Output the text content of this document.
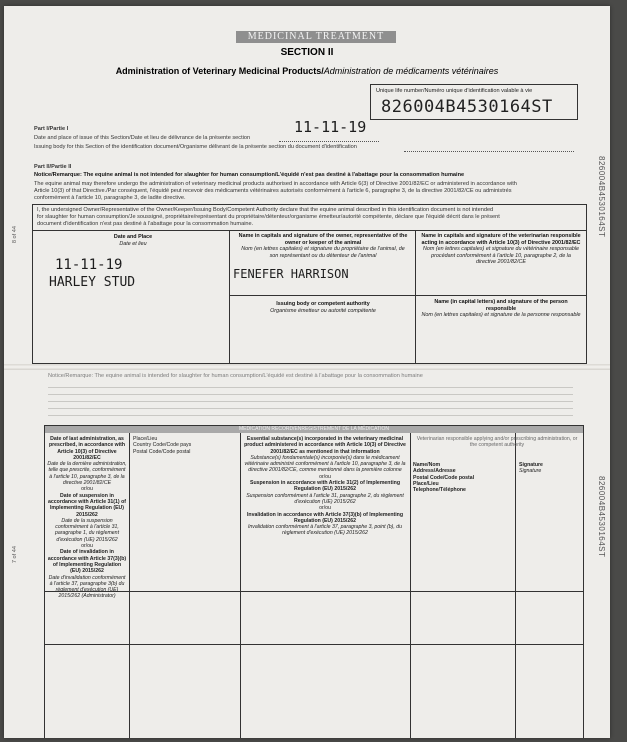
MEDICINAL TREATMENT
SECTION II
Administration of Veterinary Medicinal Products/Administration de médicaments vétérinaires
Unique life number/Numéro unique d'identification valable à vie
826004B4530164ST
826004B4530164ST
826004B4530164ST
8 of 44
7 of 44
Part I/Partie I
Date and place of issue of this Section/Date et lieu de délivrance de la présente section
11-11-19
Issuing body for this Section of the identification document/Organisme délivrant de la présente section du document d'identification
Part II/Partie II
Notice/Remarque: The equine animal is not intended for slaughter for human consumption/L'équidé n'est pas destiné à l'abattage pour la consommation humaine
The equine animal may therefore undergo the administration of veterinary medicinal products authorised in accordance with Article 6(3) of Directive 2001/82/EC or administered in accordance with
Article 10(3) of that Directive./Par conséquent, l'équidé peut recevoir des médicaments vétérinaires autorisés conformément à l'article 6, paragraphe 3, de la directive 2001/82/CE ou administrés
conformément à l'article 10, paragraphe 3, de ladite directive.
I, the undersigned Owner/Representative of the Owner/Keeper/Issuing Body/Competent Authority declare that the equine animal described in this identification document is not intended
for slaughter for human consumption/Je soussigné, propriétaire/représentant du propriétaire/détenteur/organisme émetteur/autorité compétente, déclare que l'équidé décrit dans le présent
document d'identification n'est pas destiné à l'abattage pour la consommation humaine.
Date and Place
Date et lieu
Name in capitals and signature of the owner, representative of the owner or keeper of the animal
Nom (en lettres capitales) et signature du propriétaire de l'animal, de son représentant ou du détenteur de l'animal
Name in capitals and signature of the veterinarian responsible acting in accordance with Article 10(3) of Directive 2001/82/EC
Nom (en lettres capitales) et signature du vétérinaire responsable procédant conformément à l'article 10, paragraphe 2, de la directive 2001/82/CE
Issuing body or competent authority
Organisme émetteur ou autorité compétente
Name (in capital letters) and signature of the person responsible
Nom (en lettres capitales) et signature de la personne responsable
11-11-19
HARLEY STUD
FENEFER HARRISON
Notice/Remarque: The equine animal is intended for slaughter for human consumption/L'équidé est destiné à l'abattage pour la consommation humaine
MEDICATION RECORD/ENREGISTREMENT DE LA MÉDICATION
Date of last administration, as prescribed, in accordance with Article 10(3) of Directive 2001/82/EC
Date de la dernière administration, telle que prescrite, conformément à l'article 10, paragraphe 3, de la directive 2001/82/CE
or/ou
Date of suspension in accordance with Article 31(1) of Implementing Regulation (EU) 2015/262
Date de la suspension conformément à l'article 31, paragraphe 1, du règlement d'exécution (UE) 2015/262
or/ou
Date of invalidation in accordance with Article 37(3)(b) of Implementing Regulation (EU) 2015/262
Date d'invalidation conformément à l'article 37, paragraphe 3(b) du règlement d'exécution (UE) 2015/262 (Administrator)
Place/Lieu
Country Code/Code pays
Postal Code/Code postal
Essential substance(s) incorporated in the veterinary medicinal product administered in accordance with Article 10(3) of Directive 2001/82/EC as mentioned in that information
Substance(s) fondamentale(s) incorporée(s) dans le médicament vétérinaire administré conformément à l'article 10, paragraphe 3, de la directive 2001/82/CE, comme mentionné dans la première colonne
or/ou
Suspension in accordance with Article 31(2) of Implementing Regulation (EU) 2015/262
Suspension conformément à l'article 31, paragraphe 2, du règlement d'exécution (UE) 2015/262
or/ou
Invalidation in accordance with Article 37(3)(b) of Implementing Regulation (EU) 2015/262
Invalidation conformément à l'article 37, paragraphe 3, point (b), du règlement d'exécution (UE) 2015/262
Veterinarian responsible applying and/or prescribing administration, or the competent authority
Name/Nom
Address/Adresse
Postal Code/Code postal
Place/Lieu
Telephone/Téléphone
Signature
Signature
